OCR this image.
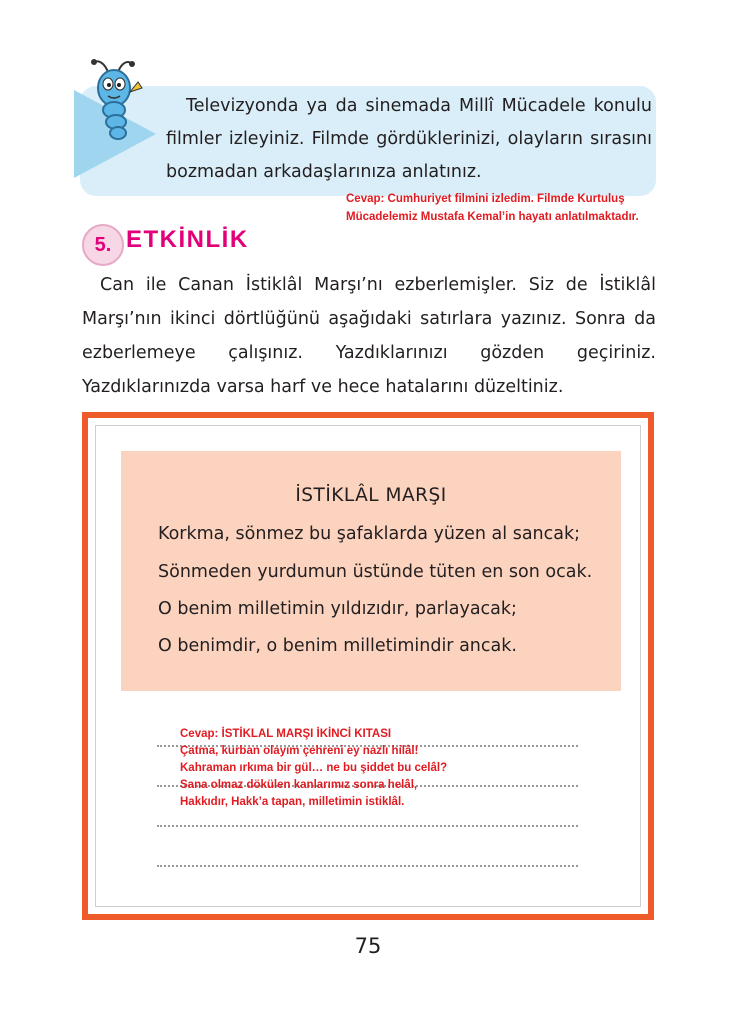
Televizyonda ya da sinemada Millî Mücadele konulu filmler izleyiniz. Filmde gördüklerinizi, olayların sırasını bozmadan arkadaşlarınıza anlatınız.

Cevap: Cumhuriyet filmini izledim. Filmde Kurtuluş Mücadelemiz Mustafa Kemal’in hayatı anlatılmaktadır.

5. ETKİNLİK

Can ile Canan İstiklâl Marşı’nı ezberlemişler. Siz de İstiklâl Marşı’nın ikinci dörtlüğünü aşağıdaki satırlara yazınız. Sonra da ezberlemeye çalışınız. Yazdıklarınızı gözden geçiriniz. Yazdıklarınızda varsa harf ve hece hatalarını düzeltiniz.

İSTİKLÂL MARŞI
Korkma, sönmez bu şafaklarda yüzen al sancak;
Sönmeden yurdumun üstünde tüten en son ocak.
O benim milletimin yıldızıdır, parlayacak;
O benimdir, o benim milletimindir ancak.
Cevap: İSTİKLAL MARŞI İKİNCİ KITASI
Çatma, kurban olayım çehreni ey nazlı hilâl!
Kahraman ırkıma bir gül… ne bu şiddet bu celâl?
Sana olmaz dökülen kanlarımız sonra helâl,
Hakkıdır, Hakk’a tapan, milletimin istiklâl.
75
